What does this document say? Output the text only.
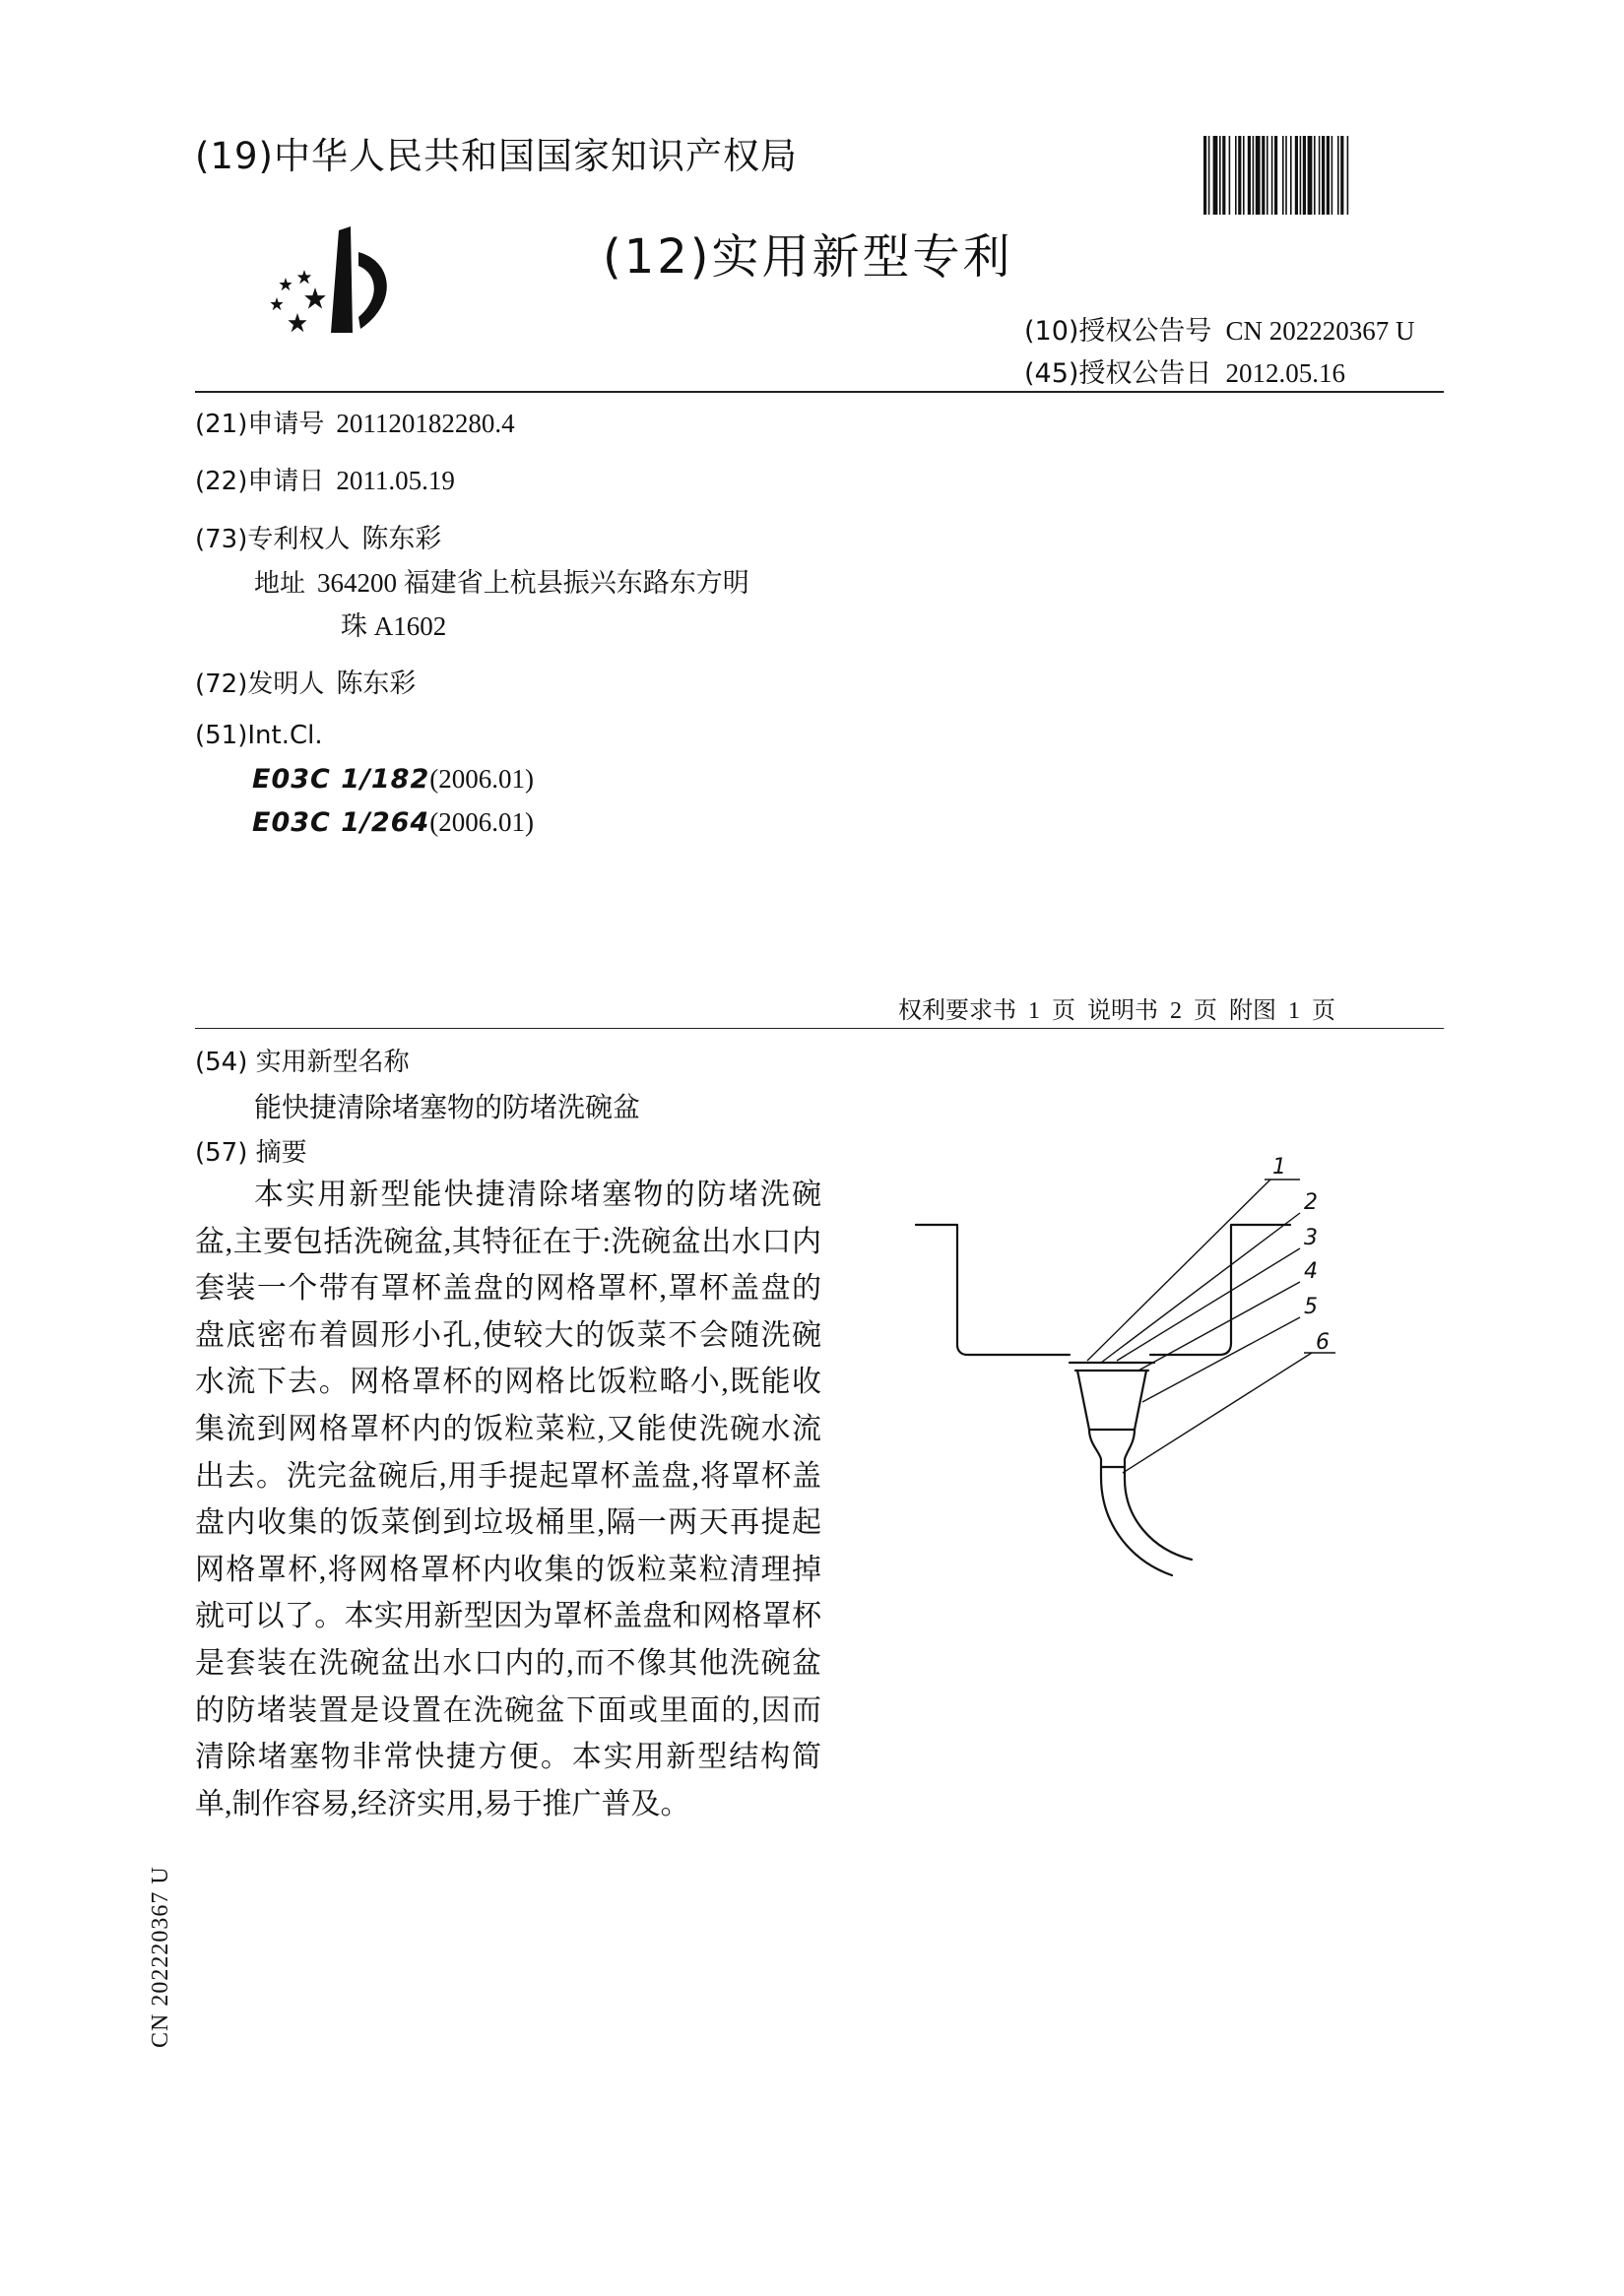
(19)中华人民共和国国家知识产权局
(12)实用新型专利
(10)授权公告号 CN 202220367 U
(45)授权公告日 2012.05.16
(21)申请号 201120182280.4
(22)申请日 2011.05.19
(73)专利权人 陈东彩
地址 364200 福建省上杭县振兴东路东方明
珠 A1602
(72)发明人 陈东彩
(51)Int.Cl.
E03C 1/182(2006.01)
E03C 1/264(2006.01)
权利要求书 1 页 说明书 2 页 附图 1 页
(54) 实用新型名称
能快捷清除堵塞物的防堵洗碗盆
(57) 摘要
本实用新型能快捷清除堵塞物的防堵洗碗盆,主要包括洗碗盆,其特征在于:洗碗盆出水口内套装一个带有罩杯盖盘的网格罩杯,罩杯盖盘的盘底密布着圆形小孔,使较大的饭菜不会随洗碗水流下去。网格罩杯的网格比饭粒略小,既能收集流到网格罩杯内的饭粒菜粒,又能使洗碗水流出去。洗完盆碗后,用手提起罩杯盖盘,将罩杯盖盘内收集的饭菜倒到垃圾桶里,隔一两天再提起网格罩杯,将网格罩杯内收集的饭粒菜粒清理掉就可以了。本实用新型因为罩杯盖盘和网格罩杯是套装在洗碗盆出水口内的,而不像其他洗碗盆的防堵装置是设置在洗碗盆下面或里面的,因而清除堵塞物非常快捷方便。本实用新型结构简单,制作容易,经济实用,易于推广普及。
1
2
3
4
5
6
CN 202220367 U
